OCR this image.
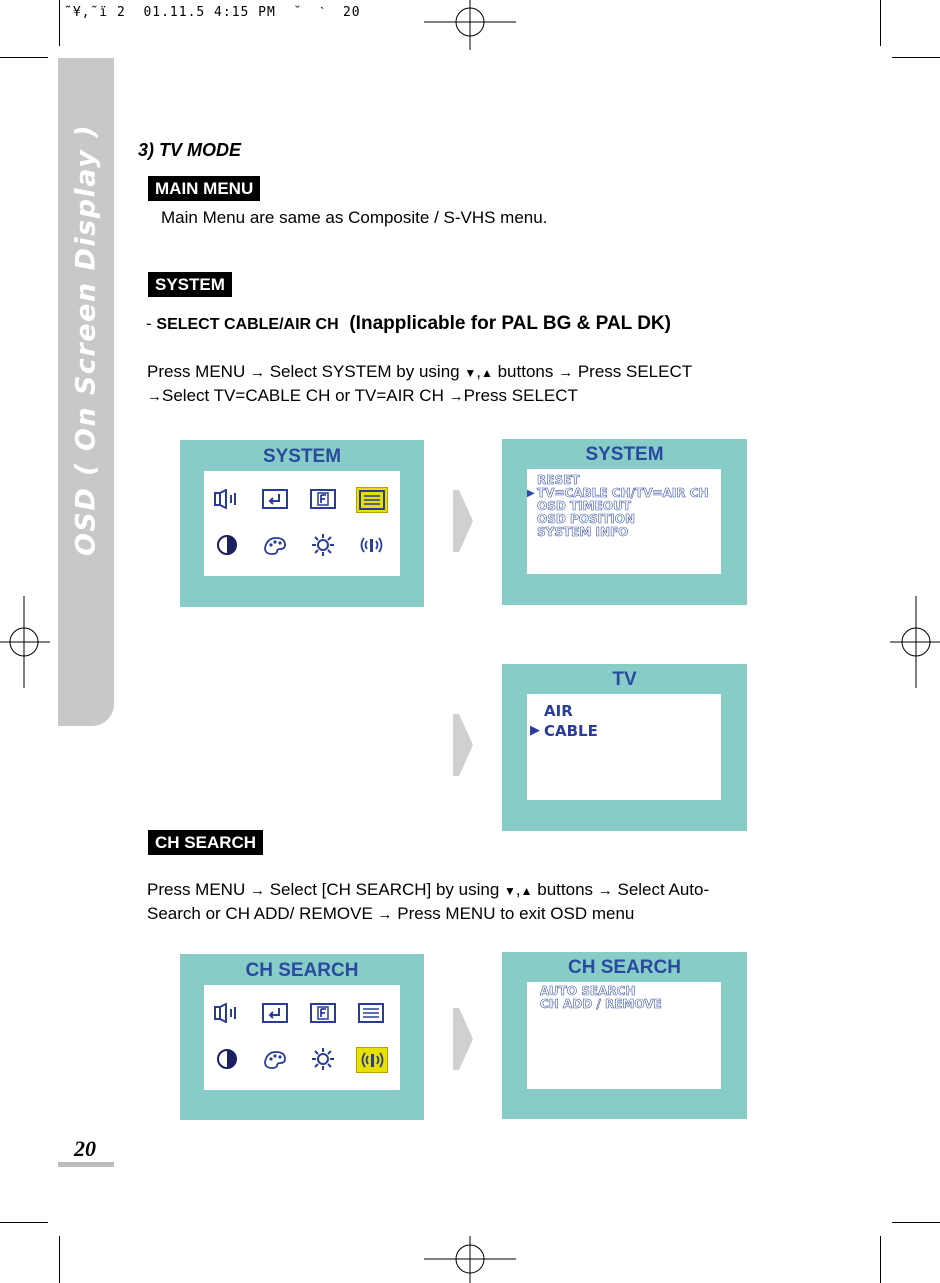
˜¥,˜ï 2  01.11.5 4:15 PM  ˘  ˋ  20
OSD ( On Screen Display ) 3) TV MODE
MAIN MENU
Main Menu are same as Composite / S-VHS menu.
SYSTEM
- SELECT CABLE/AIR CH (Inapplicable for PAL BG & PAL DK)
Press MENU → Select SYSTEM by using ▼,▲ buttons → Press SELECT
→Select TV=CABLE CH or TV=AIR CH →Press SELECT
SYSTEM	SYSTEM
RESET
▶ TV=CABLE CH/TV=AIR CH
OSD TIMEOUT
OSD POSITION
SYSTEM INFO
TV
AIR
▶ CABLE
CH SEARCH
Press MENU → Select [CH SEARCH] by using ▼,▲ buttons → Select Auto-
Search or CH ADD/ REMOVE → Press MENU to exit OSD menu
CH SEARCH	CH SEARCH
AUTO SEARCH
CH ADD / REMOVE
20
